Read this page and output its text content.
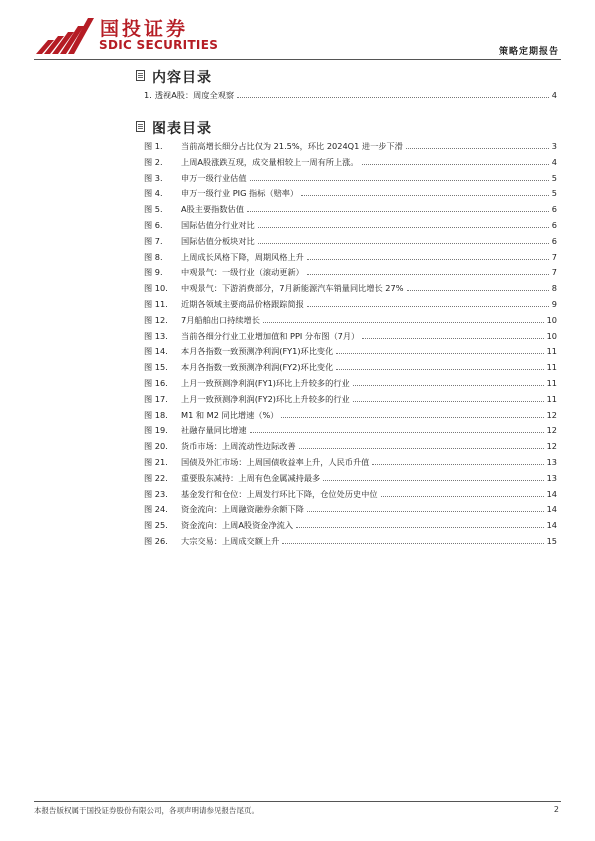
国投证券
SDIC SECURITIES	策略定期报告
内容目录
1. 透视A股：周度全观察	4
图表目录
图 1.	当前高增长细分占比仅为 21.5%，环比 2024Q1 进一步下滑	3
图 2.	上周A股涨跌互现，成交量相较上一周有所上涨。	4
图 3.	申万一级行业估值	5
图 4.	申万一级行业 PIG 指标（赔率）	5
图 5.	A股主要指数估值	6
图 6.	国际估值分行业对比	6
图 7.	国际估值分板块对比	6
图 8.	上周成长风格下降，周期风格上升	7
图 9.	中观景气：一级行业（滚动更新）	7
图 10.	中观景气：下游消费部分，7月新能源汽车销量同比增长 27%	8
图 11.	近期各领域主要商品价格跟踪简报	9
图 12.	7月船舶出口持续增长	10
图 13.	当前各细分行业工业增加值和 PPI 分布图（7月）	10
图 14.	本月各指数一致预测净利润(FY1)环比变化	11
图 15.	本月各指数一致预测净利润(FY2)环比变化	11
图 16.	上月一致预测净利润(FY1)环比上升较多的行业	11
图 17.	上月一致预测净利润(FY2)环比上升较多的行业	11
图 18.	M1 和 M2 同比增速（%）	12
图 19.	社融存量同比增速	12
图 20.	货币市场：上周流动性边际改善	12
图 21.	国债及外汇市场：上周国债收益率上升，人民币升值	13
图 22.	重要股东减持：上周有色金属减持最多	13
图 23.	基金发行和仓位：上周发行环比下降，仓位处历史中位	14
图 24.	资金流向：上周融资融券余额下降	14
图 25.	资金流向：上周A股资金净流入	14
图 26.	大宗交易：上周成交额上升	15
本报告版权属于国投证券股份有限公司，各项声明请参见报告尾页。	2
